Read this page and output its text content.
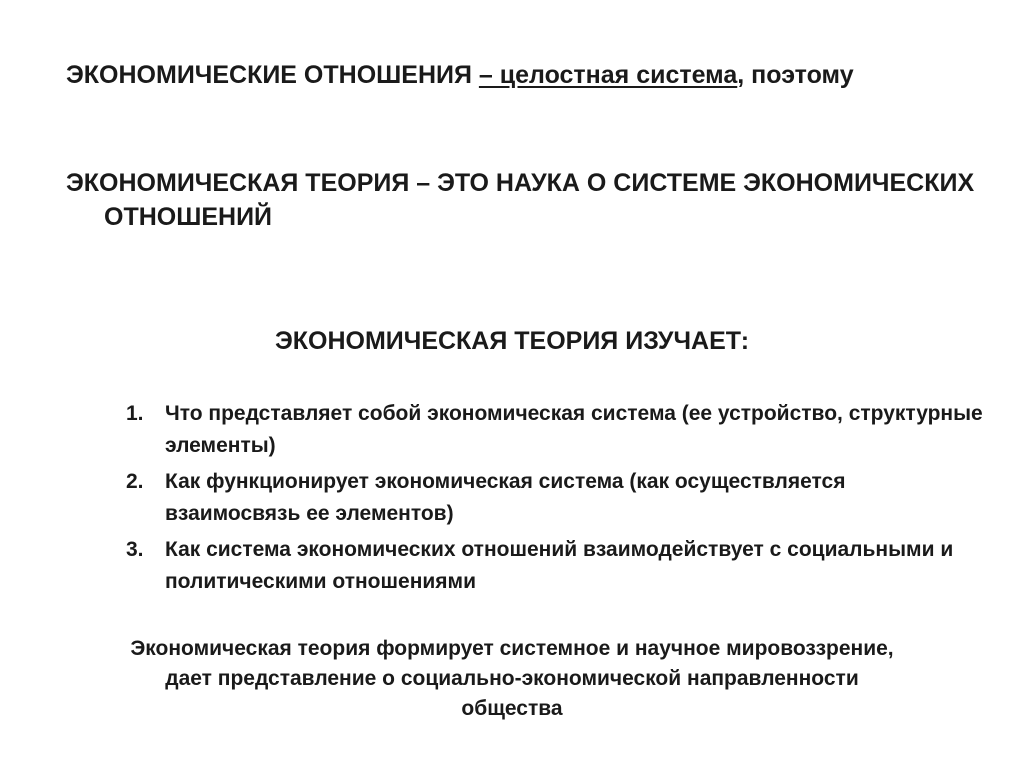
ЭКОНОМИЧЕСКИЕ ОТНОШЕНИЯ – целостная система, поэтому
ЭКОНОМИЧЕСКАЯ ТЕОРИЯ – ЭТО НАУКА О СИСТЕМЕ ЭКОНОМИЧЕСКИХ ОТНОШЕНИЙ
ЭКОНОМИЧЕСКАЯ ТЕОРИЯ ИЗУЧАЕТ:
1. Что представляет собой экономическая система (ее устройство, структурные элементы)
2. Как функционирует экономическая система (как осуществляется взаимосвязь ее элементов)
3. Как система экономических отношений взаимодействует с социальными и политическими отношениями
Экономическая теория формирует системное и научное мировоззрение,
дает представление о социально-экономической направленности
общества
